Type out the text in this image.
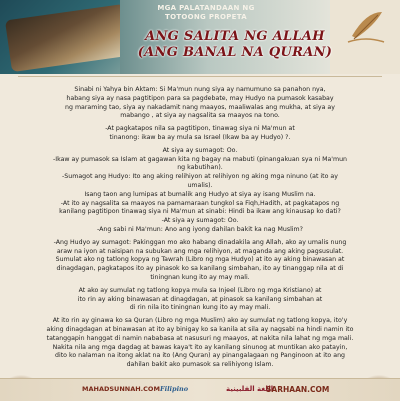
MGA PALATANDAAN NG TOTOONG PROPETA
ANG SALITA NG ALLAH
(ANG BANAL NA QURAN)

Sinabi ni Yahya bin Aktam: Si Ma'mun nung siya ay namumuno sa panahon nya,

habang siya ay nasa pagtitipon para sa pagdebate, may Hudyo na pumasok kasabay

ng maraming tao, siya ay nakadamit nang maayos, maaliwalas ang mukha, at siya ay

mabango , at siya ay nagsalita sa maayos na tono.

-At pagkatapos nila sa pagtitipon, tinawag siya ni Ma'mun at

tinanong: ikaw ba ay mula sa Israel (Ikaw ba ay Hudyo) ?.

At siya ay sumagot: Oo.

-Ikaw ay pumasok sa Islam at gagawan kita ng bagay na mabuti (pinangakuan sya ni Ma'mun

ng kabutihan).

-Sumagot ang Hudyo: Ito ang aking relihiyon at relihiyon ng aking mga ninuno (at ito ay

umalis).

Isang taon ang lumipas at bumalik ang Hudyo at siya ay isang Muslim na.

-At ito ay nagsalita sa maayos na pamamaraan tungkol sa Fiqh,Hadith, at pagkatapos ng

kanilang pagtitipon tinawag siya ni Ma'mun at sinabi: Hindi ba ikaw ang kinausap ko dati?

-At siya ay sumagot: Oo.

-Ang sabi ni Ma'mun: Ano ang iyong dahilan bakit ka nag Muslim?

-Ang Hudyo ay sumagot: Pakinggan mo ako habang dinadakila ang Allah, ako ay umalis nung

araw na iyon at naisipan na subukan ang mga relihiyon, at maganda ang aking pagsusulat.

Sumulat ako ng tatlong kopya ng Tawrah (Libro ng mga Hudyo) at ito ay aking binawasan at

dinagdagan, pagkatapos ito ay pinasok ko sa kanilang simbahan, ito ay tinanggap nila at di

tiningnan kung ito ay may mali.

At ako ay sumulat ng tatlong kopya mula sa Injeel (Libro ng mga Kristiano) at

ito rin ay aking binawasan at dinagdagan, at pinasok sa kanilang simbahan at

di rin nila ito tiningnan kung ito ay may mali.

At ito rin ay ginawa ko sa Quran (Libro ng mga Muslim) ako ay sumulat ng tatlong kopya, ito'y

aking dinagdagan at binawasan at ito ay binigay ko sa kanila at sila ay nagsabi na hindi namin ito

tatanggapin hanggat di namin nababasa at nasusuri ng maayos, at nakita nila lahat ng mga mali.

Nakita nila ang mga dagdag at bawas kaya't ito ay kanilang sinunog at muntikan ako patayin,

dito ko nalaman na itong aklat na ito (Ang Quran) ay pinangalagaan ng Panginoon at ito ang

dahilan bakit ako pumasok sa relihiyong Islam.

MAHADSUNNAH.COM Filipino	اللغة الفلبينية
SARHAAN.COM
